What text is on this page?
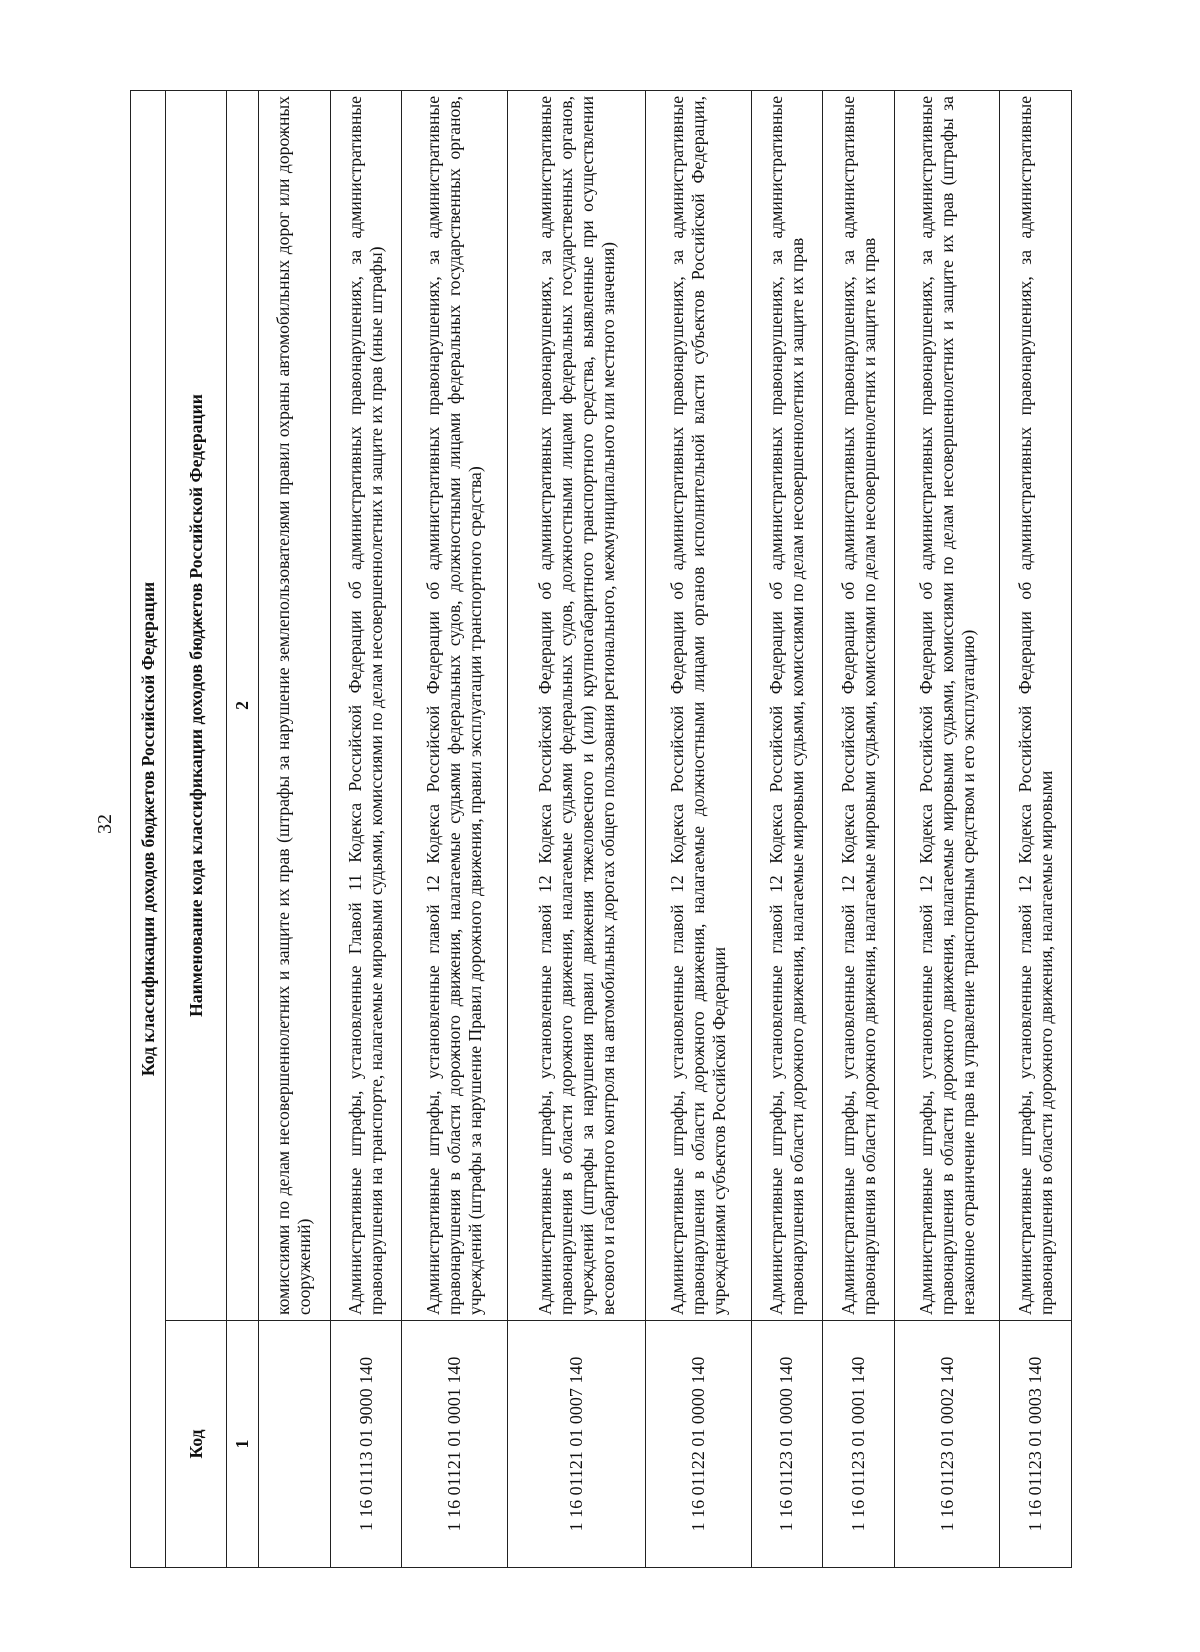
32 Код классификации доходов бюджетов Российской Федерации	
Код	Наименование кода классификации доходов бюджетов Российской Федерации
1	2
	комиссиями по делам несовершеннолетних и защите их прав (штрафы за нарушение землепользователями правил охраны автомобильных дорог или дорожных сооружений)
1 16 01113 01 9000 140	Административные штрафы, установленные Главой 11 Кодекса Российской Федерации об административных правонарушениях, за административные правонарушения на транспорте, налагаемые мировыми судьями, комиссиями по делам несовершеннолетних и защите их прав (иные штрафы)
1 16 01121 01 0001 140	Административные штрафы, установленные главой 12 Кодекса Российской Федерации об административных правонарушениях, за административные правонарушения в области дорожного движения, налагаемые судьями федеральных судов, должностными лицами федеральных государственных органов, учреждений (штрафы за нарушение Правил дорожного движения, правил эксплуатации транспортного средства)
1 16 01121 01 0007 140	Административные штрафы, установленные главой 12 Кодекса Российской Федерации об административных правонарушениях, за административные правонарушения в области дорожного движения, налагаемые судьями федеральных судов, должностными лицами федеральных государственных органов, учреждений (штрафы за нарушения правил движения тяжеловесного и (или) крупногабаритного транспортного средства, выявленные при осуществлении весового и габаритного контроля на автомобильных дорогах общего пользования регионального, межмуниципального или местного значения)
1 16 01122 01 0000 140	Административные штрафы, установленные главой 12 Кодекса Российской Федерации об административных правонарушениях, за административные правонарушения в области дорожного движения, налагаемые должностными лицами органов исполнительной власти субъектов Российской Федерации, учреждениями субъектов Российской Федерации
1 16 01123 01 0000 140	Административные штрафы, установленные главой 12 Кодекса Российской Федерации об административных правонарушениях, за административные правонарушения в области дорожного движения, налагаемые мировыми судьями, комиссиями по делам несовершеннолетних и защите их прав
1 16 01123 01 0001 140	Административные штрафы, установленные главой 12 Кодекса Российской Федерации об административных правонарушениях, за административные правонарушения в области дорожного движения, налагаемые мировыми судьями, комиссиями по делам несовершеннолетних и защите их прав
1 16 01123 01 0002 140	Административные штрафы, установленные главой 12 Кодекса Российской Федерации об административных правонарушениях, за административные правонарушения в области дорожного движения, налагаемые мировыми судьями, комиссиями по делам несовершеннолетних и защите их прав (штрафы за незаконное ограничение прав на управление транспортным средством и его эксплуатацию)
1 16 01123 01 0003 140	Административные штрафы, установленные главой 12 Кодекса Российской Федерации об административных правонарушениях, за административные правонарушения в области дорожного движения, налагаемые мировыми
